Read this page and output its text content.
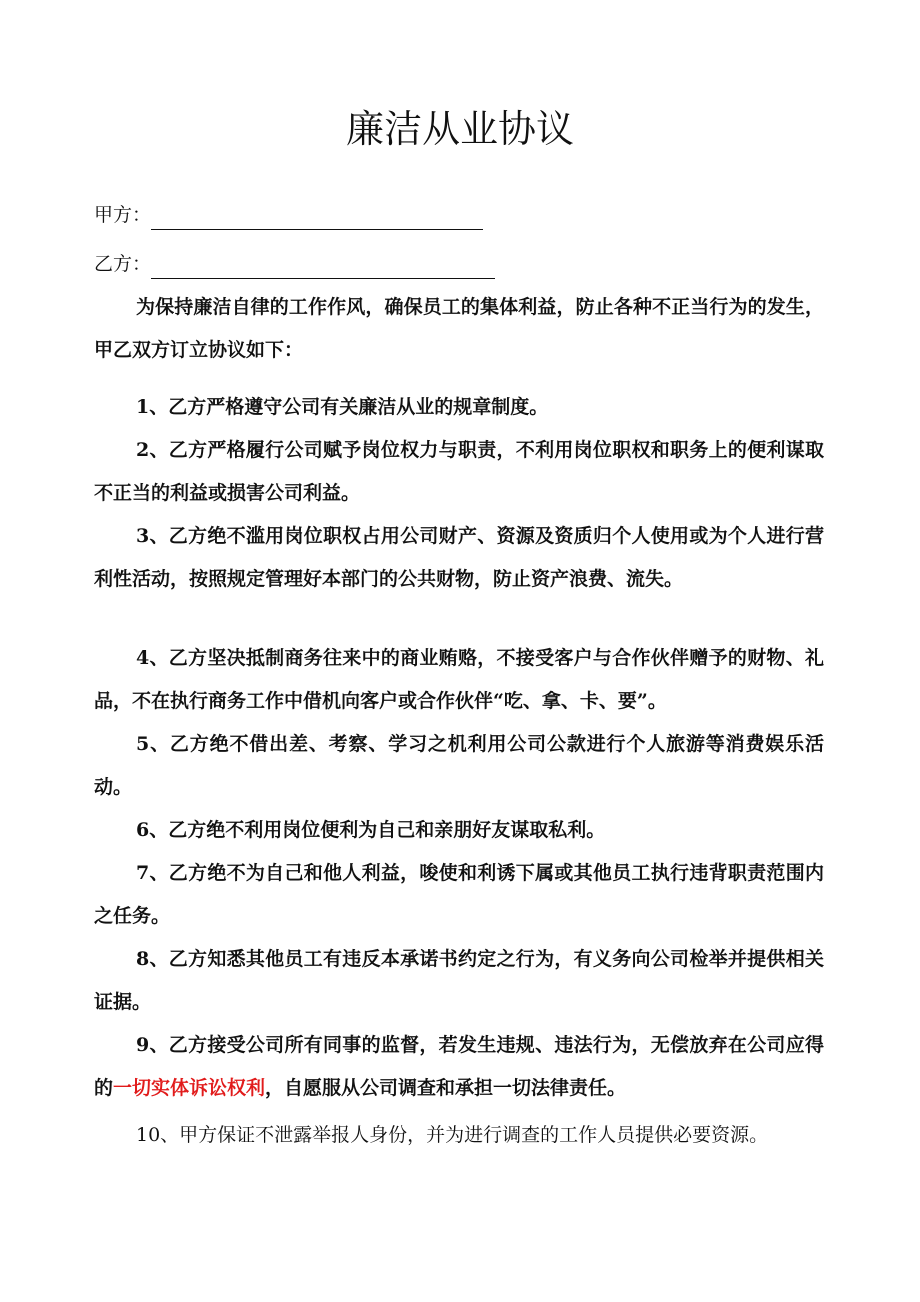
廉洁从业协议
甲方：
乙方：
为保持廉洁自律的工作作风，确保员工的集体利益，防止各种不正当行为的发生，甲乙双方订立协议如下：
1、乙方严格遵守公司有关廉洁从业的规章制度。
2、乙方严格履行公司赋予岗位权力与职责，不利用岗位职权和职务上的便利谋取不正当的利益或损害公司利益。
3、乙方绝不滥用岗位职权占用公司财产、资源及资质归个人使用或为个人进行营利性活动，按照规定管理好本部门的公共财物，防止资产浪费、流失。
4、乙方坚决抵制商务往来中的商业贿赂，不接受客户与合作伙伴赠予的财物、礼品，不在执行商务工作中借机向客户或合作伙伴“吃、拿、卡、要”。
5、乙方绝不借出差、考察、学习之机利用公司公款进行个人旅游等消费娱乐活动。
6、乙方绝不利用岗位便利为自己和亲朋好友谋取私利。
7、乙方绝不为自己和他人利益，唆使和利诱下属或其他员工执行违背职责范围内之任务。
8、乙方知悉其他员工有违反本承诺书约定之行为，有义务向公司检举并提供相关证据。
9、乙方接受公司所有同事的监督，若发生违规、违法行为，无偿放弃在公司应得的一切实体诉讼权利，自愿服从公司调查和承担一切法律责任。
10、甲方保证不泄露举报人身份，并为进行调查的工作人员提供必要资源。
